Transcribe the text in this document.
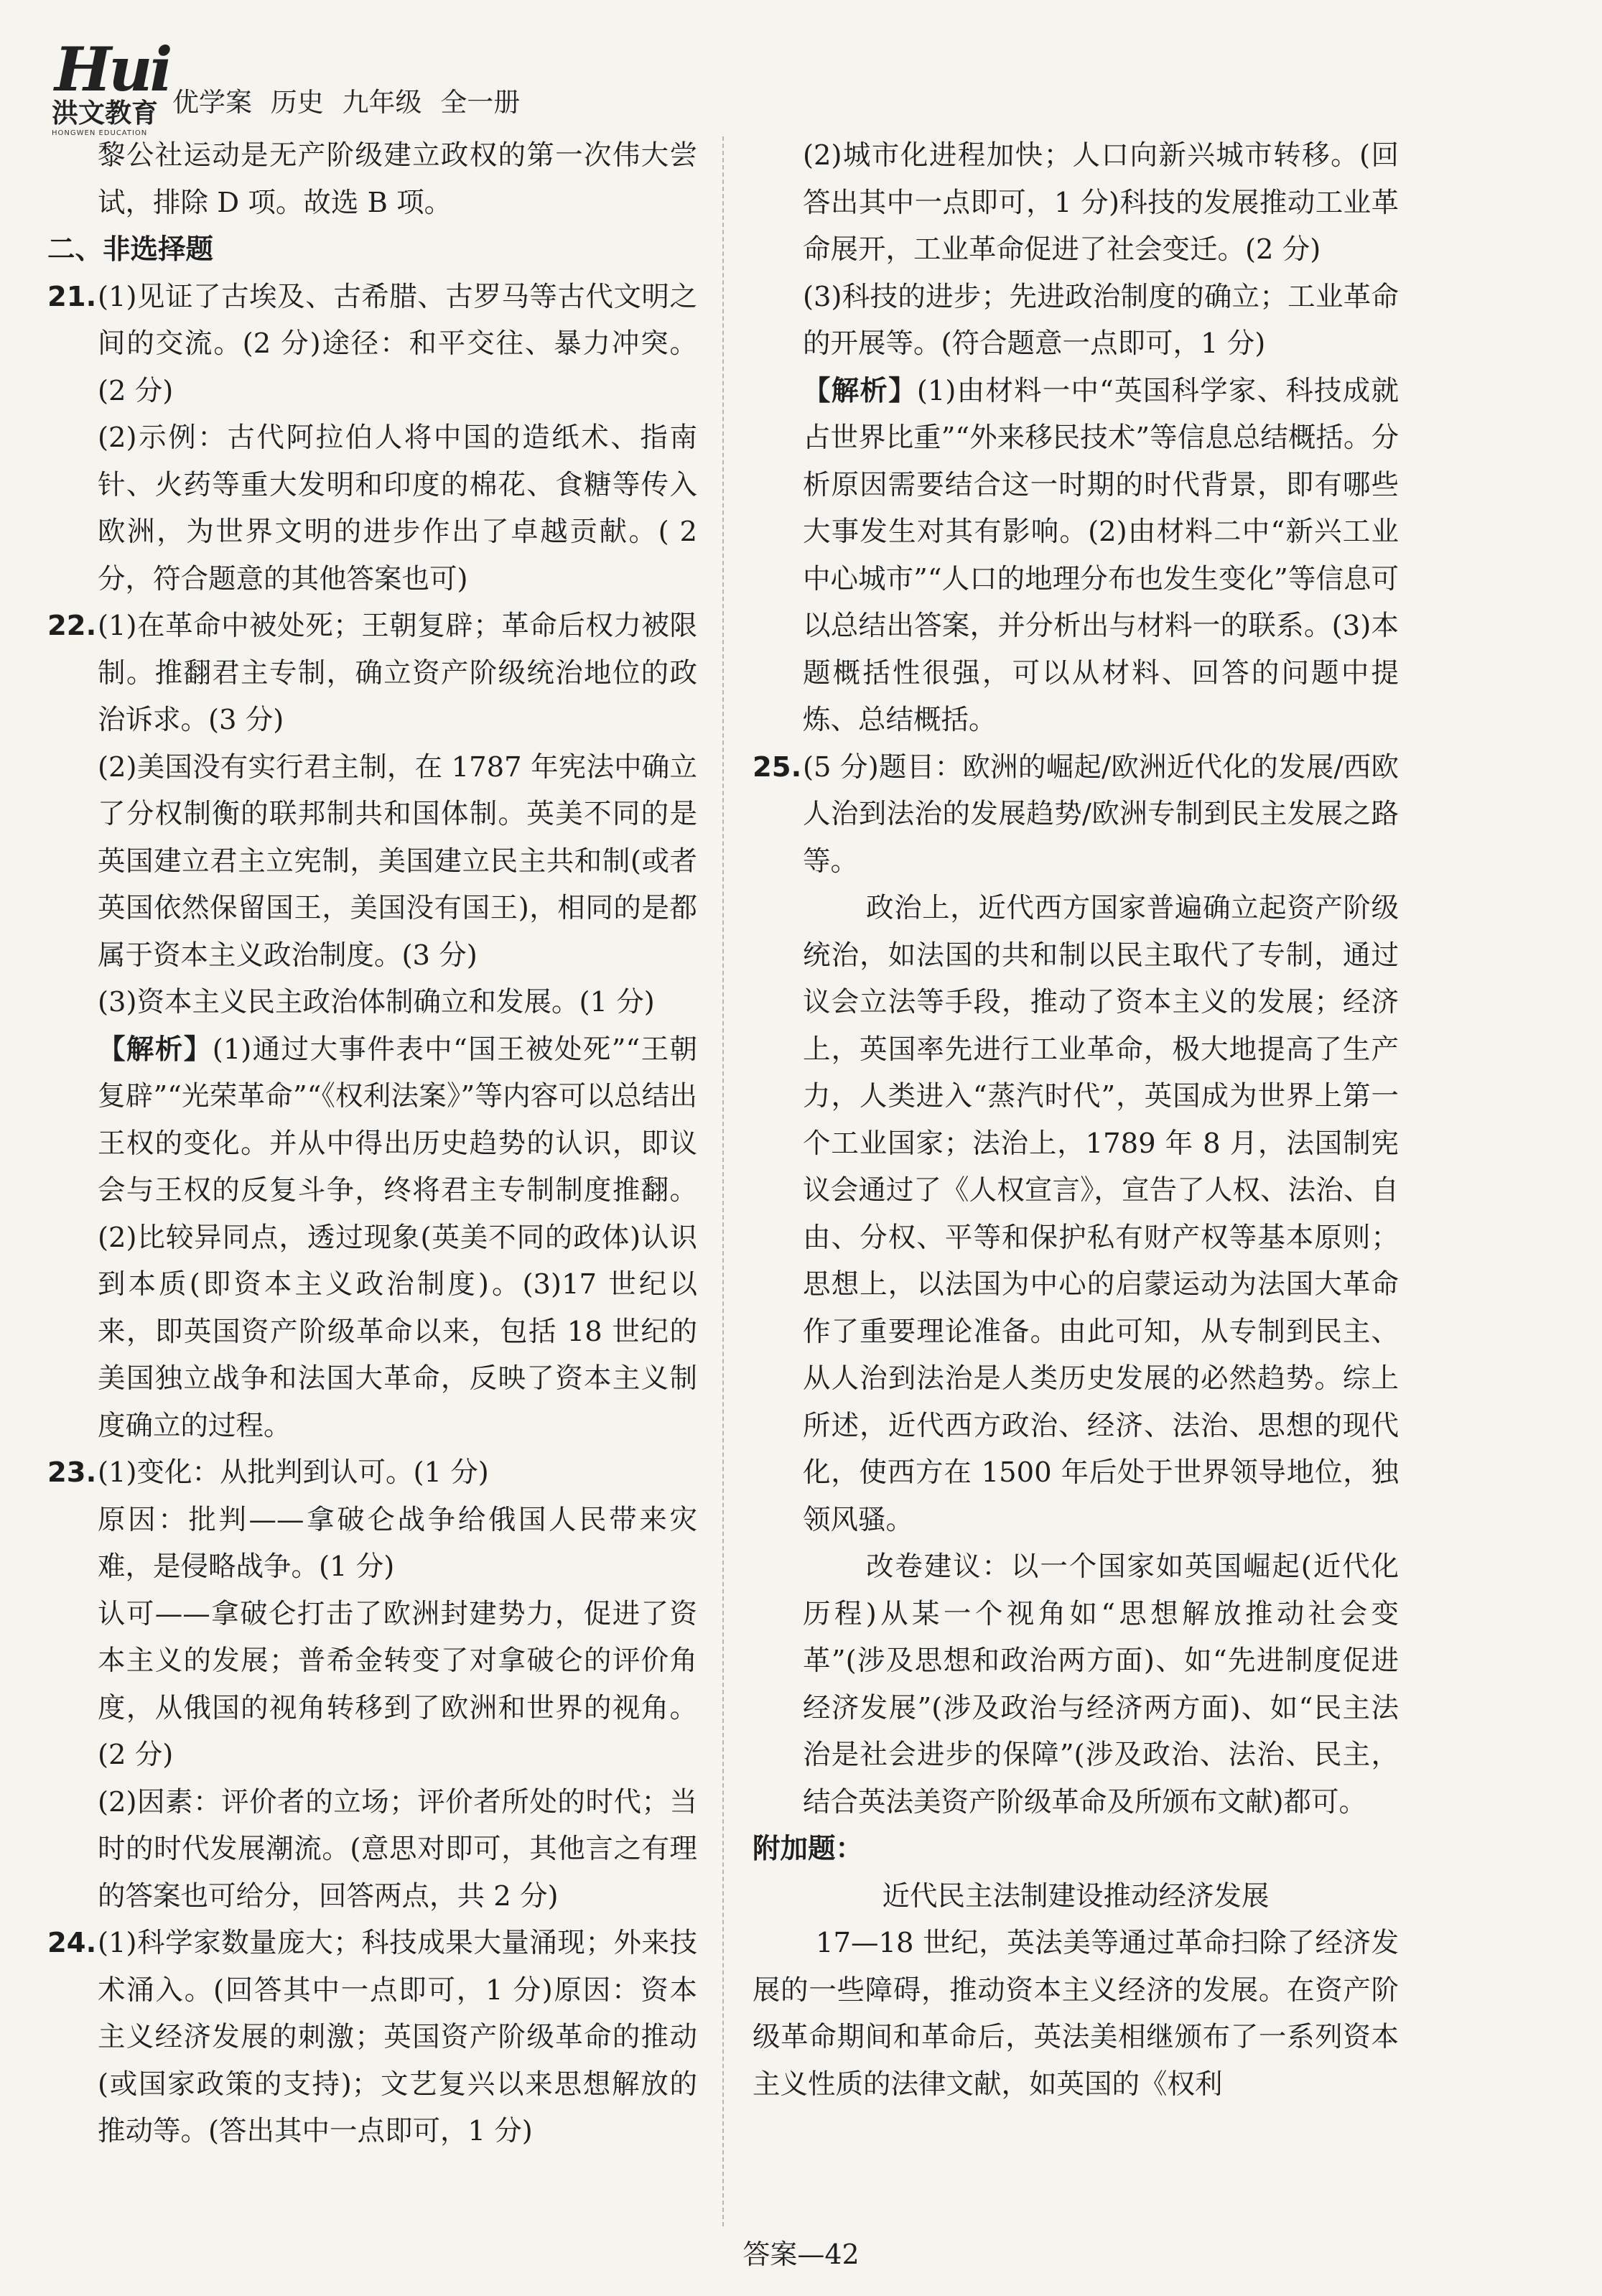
Hui
洪文教育
HONGWEN EDUCATION
优学案 历史 九年级 全一册

黎公社运动是无产阶级建立政权的第一次伟大尝试，排除 D 项。故选 B 项。

二、非选择题

21.(1)见证了古埃及、古希腊、古罗马等古代文明之间的交流。(2 分)途径：和平交往、暴力冲突。(2 分)

(2)示例：古代阿拉伯人将中国的造纸术、指南针、火药等重大发明和印度的棉花、食糖等传入欧洲，为世界文明的进步作出了卓越贡献。( 2 分，符合题意的其他答案也可)

22.(1)在革命中被处死；王朝复辟；革命后权力被限制。推翻君主专制，确立资产阶级统治地位的政治诉求。(3 分)

(2)美国没有实行君主制，在 1787 年宪法中确立了分权制衡的联邦制共和国体制。英美不同的是英国建立君主立宪制，美国建立民主共和制(或者英国依然保留国王，美国没有国王)，相同的是都属于资本主义政治制度。(3 分)

(3)资本主义民主政治体制确立和发展。(1 分)

【解析】(1)通过大事件表中“国王被处死”“王朝复辟”“光荣革命”“《权利法案》”等内容可以总结出王权的变化。并从中得出历史趋势的认识，即议会与王权的反复斗争，终将君主专制制度推翻。(2)比较异同点，透过现象(英美不同的政体)认识到本质(即资本主义政治制度)。(3)17 世纪以来，即英国资产阶级革命以来，包括 18 世纪的美国独立战争和法国大革命，反映了资本主义制度确立的过程。

23.(1)变化：从批判到认可。(1 分)

原因：批判——拿破仑战争给俄国人民带来灾难，是侵略战争。(1 分)

认可——拿破仑打击了欧洲封建势力，促进了资本主义的发展；普希金转变了对拿破仑的评价角度，从俄国的视角转移到了欧洲和世界的视角。(2 分)

(2)因素：评价者的立场；评价者所处的时代；当时的时代发展潮流。(意思对即可，其他言之有理的答案也可给分，回答两点，共 2 分)

24.(1)科学家数量庞大；科技成果大量涌现；外来技术涌入。(回答其中一点即可，1 分)原因：资本主义经济发展的刺激；英国资产阶级革命的推动(或国家政策的支持)；文艺复兴以来思想解放的推动等。(答出其中一点即可，1 分)

(2)城市化进程加快；人口向新兴城市转移。(回答出其中一点即可，1 分)科技的发展推动工业革命展开，工业革命促进了社会变迁。(2 分)

(3)科技的进步；先进政治制度的确立；工业革命的开展等。(符合题意一点即可，1 分)

【解析】(1)由材料一中“英国科学家、科技成就占世界比重”“外来移民技术”等信息总结概括。分析原因需要结合这一时期的时代背景，即有哪些大事发生对其有影响。(2)由材料二中“新兴工业中心城市”“人口的地理分布也发生变化”等信息可以总结出答案，并分析出与材料一的联系。(3)本题概括性很强，可以从材料、回答的问题中提炼、总结概括。

25.(5 分)题目：欧洲的崛起/欧洲近代化的发展/西欧人治到法治的发展趋势/欧洲专制到民主发展之路等。

政治上，近代西方国家普遍确立起资产阶级统治，如法国的共和制以民主取代了专制，通过议会立法等手段，推动了资本主义的发展；经济上，英国率先进行工业革命，极大地提高了生产力，人类进入“蒸汽时代”，英国成为世界上第一个工业国家；法治上，1789 年 8 月，法国制宪议会通过了《人权宣言》，宣告了人权、法治、自由、分权、平等和保护私有财产权等基本原则；思想上，以法国为中心的启蒙运动为法国大革命作了重要理论准备。由此可知，从专制到民主、从人治到法治是人类历史发展的必然趋势。综上所述，近代西方政治、经济、法治、思想的现代化，使西方在 1500 年后处于世界领导地位，独领风骚。

改卷建议：以一个国家如英国崛起(近代化历程)从某一个视角如“思想解放推动社会变革”(涉及思想和政治两方面)、如“先进制度促进经济发展”(涉及政治与经济两方面)、如“民主法治是社会进步的保障”(涉及政治、法治、民主，结合英法美资产阶级革命及所颁布文献)都可。

附加题：

近代民主法制建设推动经济发展

17—18 世纪，英法美等通过革命扫除了经济发展的一些障碍，推动资本主义经济的发展。在资产阶级革命期间和革命后，英法美相继颁布了一系列资本主义性质的法律文献，如英国的《权利

答案—42
